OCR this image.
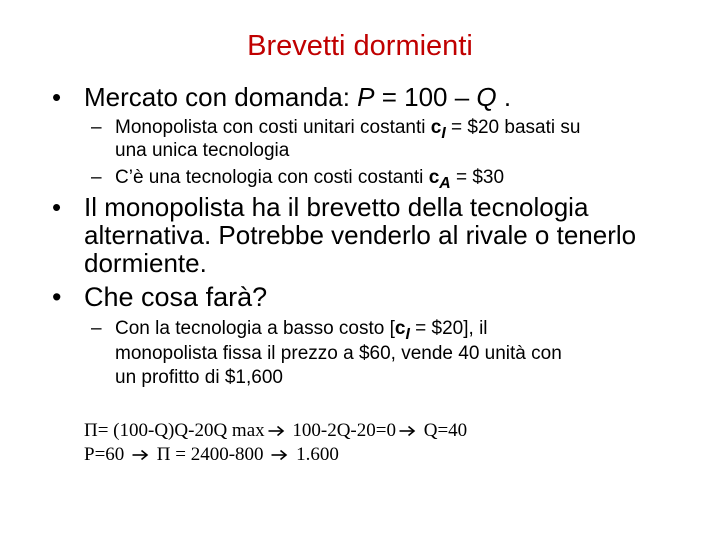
Brevetti dormienti
• Mercato con domanda: P = 100 – Q .
– Monopolista con costi unitari costanti $c_I$ = $20 basati su
una unica tecnologia
– C’è una tecnologia con costi costanti $c_A$ = $30
• Il monopolista ha il brevetto della tecnologia
alternativa. Potrebbe venderlo al rivale o tenerlo
dormiente.
• Che cosa farà?
– Con la tecnologia a basso costo [$c_I$ = $20], il
monopolista fissa il prezzo a $60, vende 40 unità con
un profitto di $1,600
Π= (100-Q)Q-20Q max 100-2Q-20=0 Q=40
P=60  Π = 2400-800  1.600
